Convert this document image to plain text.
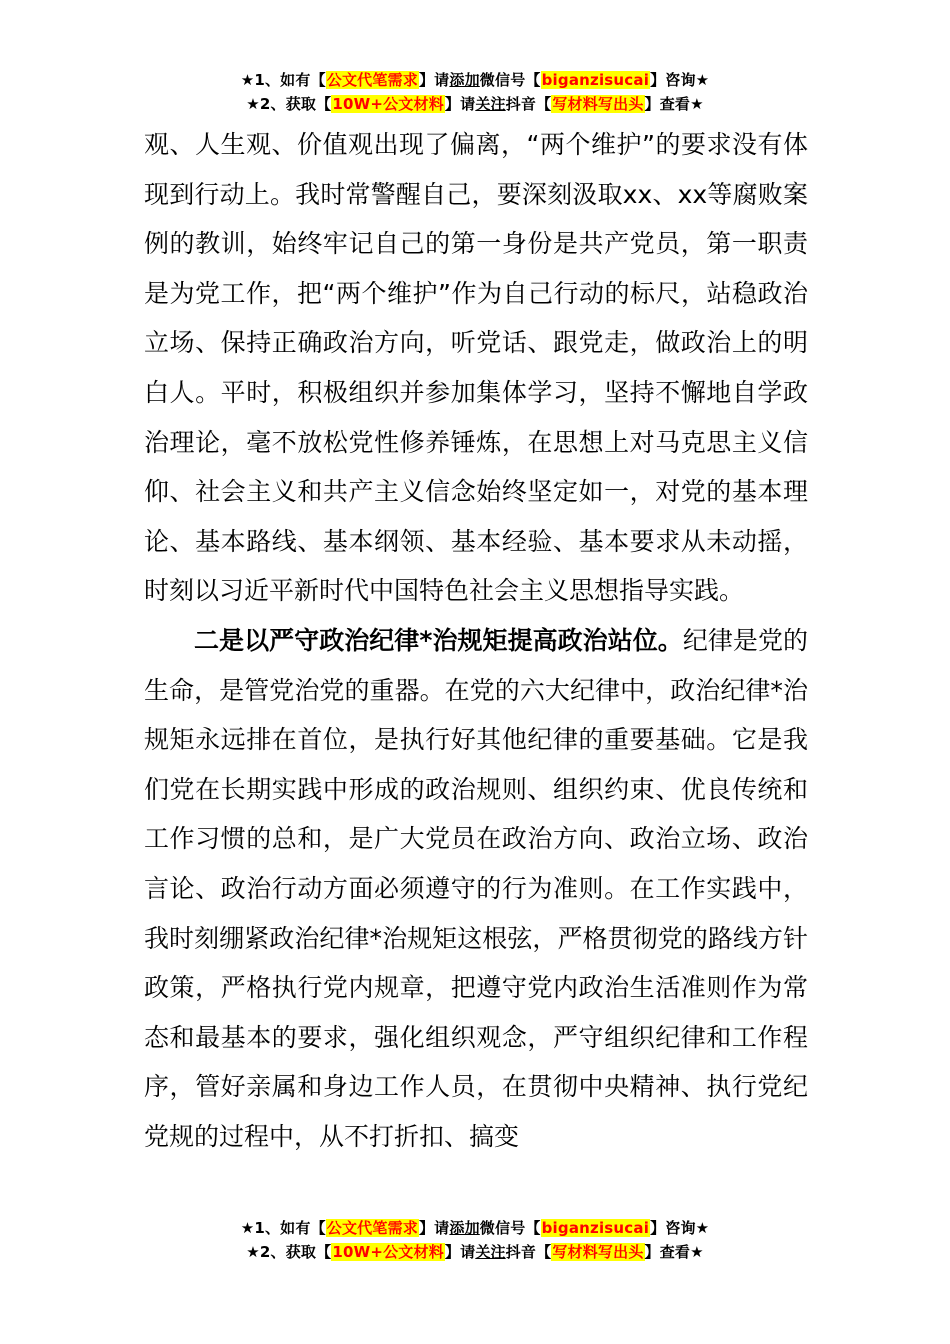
★1、如有【公文代笔需求】请添加微信号【biganzisucai】咨询★
★2、获取【10W+公文材料】请关注抖音【写材料写出头】查看★

观、人生观、价值观出现了偏离，“两个维护”的要求没有体现到行动上。我时常警醒自己，要深刻汲取xx、xx等腐败案例的教训，始终牢记自己的第一身份是共产党员，第一职责是为党工作，把“两个维护”作为自己行动的标尺，站稳政治立场、保持正确政治方向，听党话、跟党走，做政治上的明白人。平时，积极组织并参加集体学习，坚持不懈地自学政治理论，毫不放松党性修养锤炼，在思想上对马克思主义信仰、社会主义和共产主义信念始终坚定如一，对党的基本理论、基本路线、基本纲领、基本经验、基本要求从未动摇，时刻以习近平新时代中国特色社会主义思想指导实践。

二是以严守政治纪律*治规矩提高政治站位。纪律是党的生命，是管党治党的重器。在党的六大纪律中，政治纪律*治规矩永远排在首位，是执行好其他纪律的重要基础。它是我们党在长期实践中形成的政治规则、组织约束、优良传统和工作习惯的总和，是广大党员在政治方向、政治立场、政治言论、政治行动方面必须遵守的行为准则。在工作实践中，我时刻绷紧政治纪律*治规矩这根弦，严格贯彻党的路线方针政策，严格执行党内规章，把遵守党内政治生活准则作为常态和最基本的要求，强化组织观念，严守组织纪律和工作程序，管好亲属和身边工作人员，在贯彻中央精神、执行党纪党规的过程中，从不打折扣、搞变

★1、如有【公文代笔需求】请添加微信号【biganzisucai】咨询★
★2、获取【10W+公文材料】请关注抖音【写材料写出头】查看★
